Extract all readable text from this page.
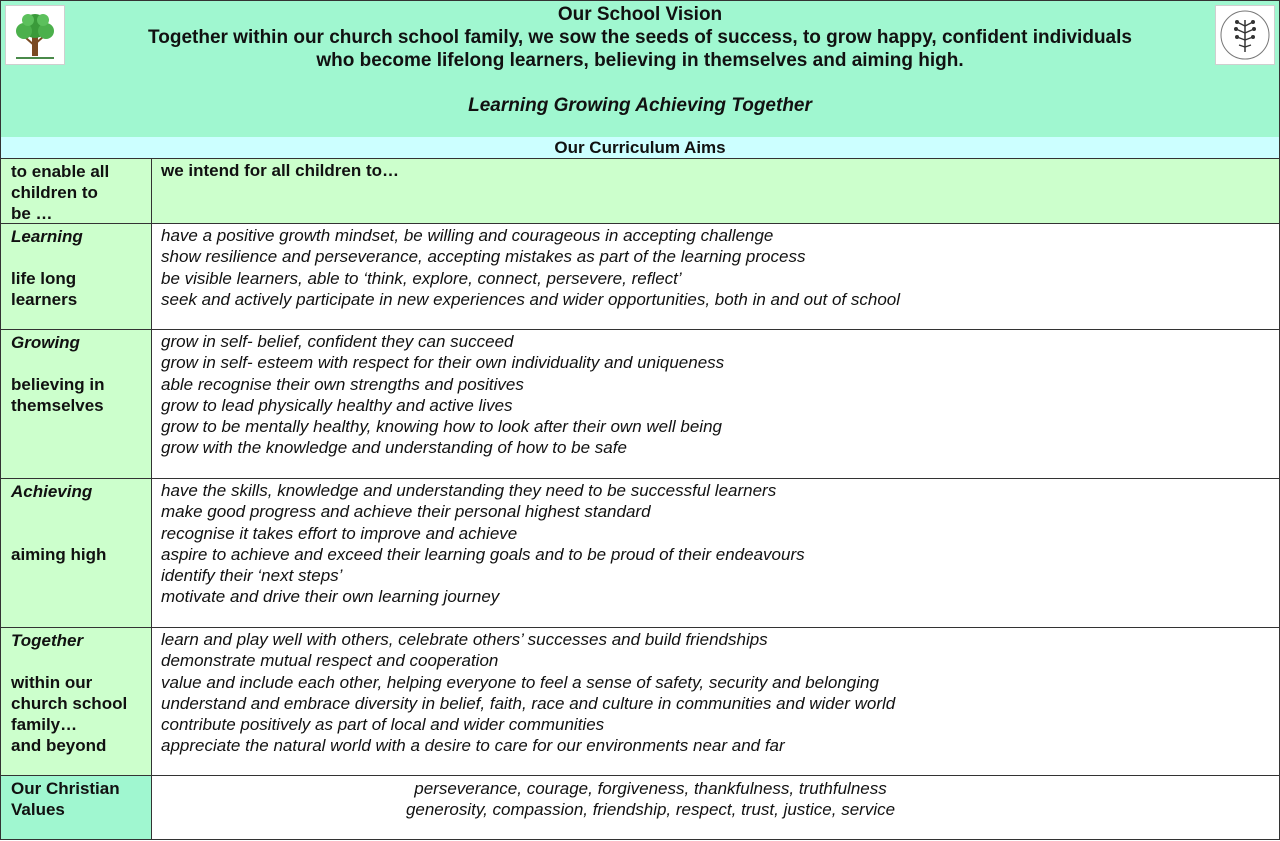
Our School Vision
Together within our church school family, we sow the seeds of success, to grow happy, confident individuals
who become lifelong learners, believing in themselves and aiming high.
Learning Growing Achieving Together
Our Curriculum Aims
to enable all
children to
be …
we intend for all children to…
Learning
life long
learners
have a positive growth mindset, be willing and courageous in accepting challenge
show resilience and perseverance, accepting mistakes as part of the learning process
be visible learners, able to ‘think, explore, connect, persevere, reflect’
seek and actively participate in new experiences and wider opportunities, both in and out of school
Growing
believing in
themselves
grow in self- belief, confident they can succeed
grow in self- esteem with respect for their own individuality and uniqueness
able recognise their own strengths and positives
grow to lead physically healthy and active lives
grow to be mentally healthy, knowing how to look after their own well being
grow with the knowledge and understanding of how to be safe
Achieving
aiming high
have the skills, knowledge and understanding they need to be successful learners
make good progress and achieve their personal highest standard
recognise it takes effort to improve and achieve
aspire to achieve and exceed their learning goals and to be proud of their endeavours
identify their ‘next steps’
motivate and drive their own learning journey
Together
within our
church school
family…
and beyond
learn and play well with others, celebrate others’ successes and build friendships
demonstrate mutual respect and cooperation
value and include each other, helping everyone to feel a sense of safety, security and belonging
understand and embrace diversity in belief, faith, race and culture in communities and wider world
contribute positively as part of local and wider communities
appreciate the natural world with a desire to care for our environments near and far
Our Christian
Values
perseverance, courage, forgiveness, thankfulness, truthfulness
generosity, compassion, friendship, respect, trust, justice, service
